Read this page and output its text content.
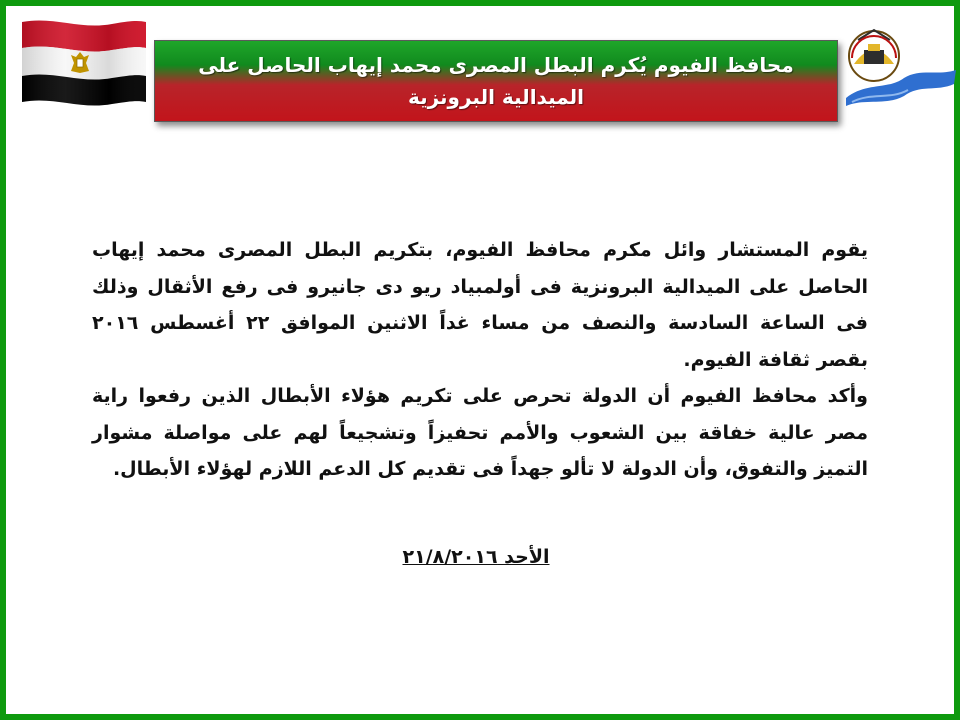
محافظ الفيوم يُكرم البطل المصرى محمد إيهاب الحاصل على الميدالية البرونزية

يقوم المستشار وائل مكرم محافظ الفيوم، بتكريم البطل المصرى محمد إيهاب الحاصل على الميدالية البرونزية فى أولمبياد ريو دى جانيرو فى رفع الأثقال وذلك فى الساعة السادسة والنصف من مساء غداً الاثنين الموافق ٢٢ أغسطس ٢٠١٦ بقصر ثقافة الفيوم.

وأكد محافظ الفيوم أن الدولة تحرص على تكريم هؤلاء الأبطال الذين رفعوا راية مصر عالية خفاقة بين الشعوب والأمم تحفيزاً وتشجيعاً لهم على مواصلة مشوار التميز والتفوق، وأن الدولة لا تألو جهداً فى تقديم كل الدعم اللازم لهؤلاء الأبطال.

الأحد ٢١/٨/٢٠١٦
